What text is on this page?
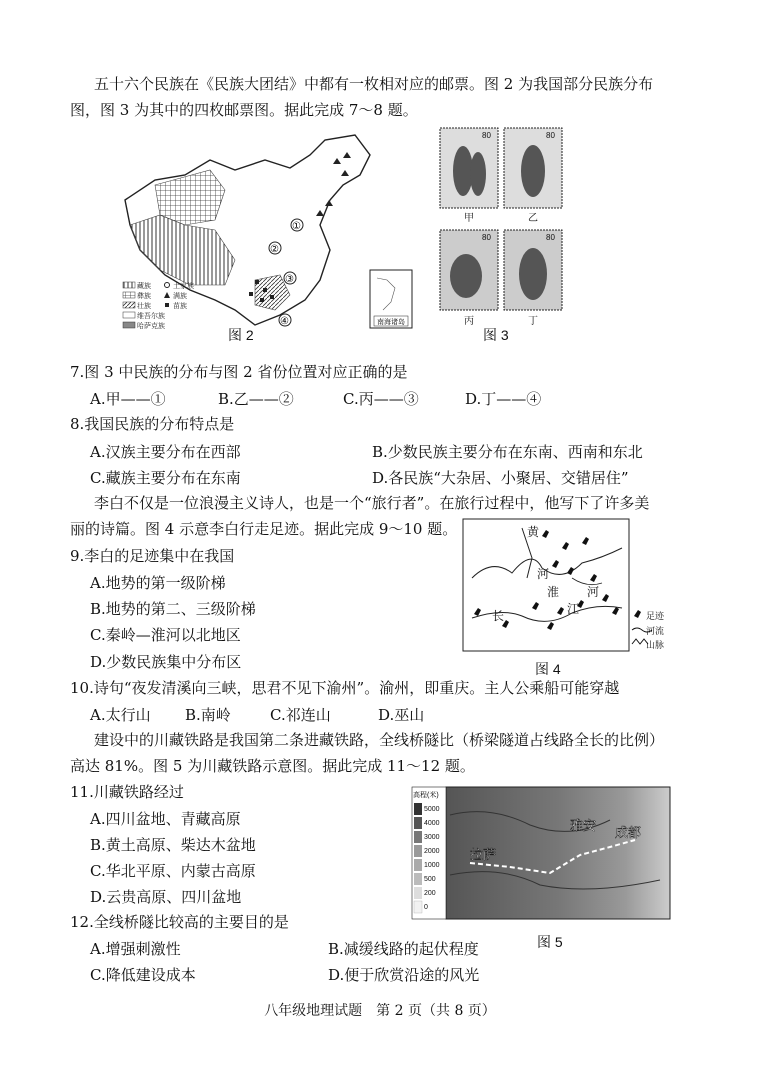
五十六个民族在《民族大团结》中都有一枚相对应的邮票。图 2 为我国部分民族分布
图，图 3 为其中的四枚邮票图。据此完成 7～8 题。
①
②
③
④
藏族
彝族
壮族
维吾尔族
哈萨克族
土家族
满族
苗族
南海诸岛
图 2
80	80
80	80
甲	乙
丙	丁
图 3
7.图 3 中民族的分布与图 2 省份位置对应正确的是
A.甲——①	B.乙——②	C.丙——③	D.丁——④
8.我国民族的分布特点是
A.汉族主要分布在西部	B.少数民族主要分布在东南、西南和东北
C.藏族主要分布在东南	D.各民族“大杂居、小聚居、交错居住”
李白不仅是一位浪漫主义诗人，也是一个“旅行者”。在旅行过程中，他写下了许多美
丽的诗篇。图 4 示意李白行走足迹。据此完成 9～10 题。
9.李白的足迹集中在我国
A.地势的第一级阶梯
B.地势的第二、三级阶梯
C.秦岭—淮河以北地区
D.少数民族集中分布区
黄
河
淮 河
长	江	足迹
河流
山脉
图 4
10.诗句“夜发清溪向三峡，思君不见下渝州”。渝州，即重庆。主人公乘船可能穿越
A.太行山 B.南岭	C.祁连山	D.巫山
建设中的川藏铁路是我国第二条进藏铁路，全线桥隧比（桥梁隧道占线路全长的比例）
高达 81%。图 5 为川藏铁路示意图。据此完成 11～12 题。
11.川藏铁路经过
A.四川盆地、青藏高原
B.黄土高原、柴达木盆地
C.华北平原、内蒙古高原
D.云贵高原、四川盆地
拉萨
雅安 成都
高程(米)
5000
4000
3000
2000
1000
500
200
0
图 5
12.全线桥隧比较高的主要目的是
A.增强刺激性	B.减缓线路的起伏程度
C.降低建设成本	D.便于欣赏沿途的风光
八年级地理试题　第 2 页（共 8 页）
